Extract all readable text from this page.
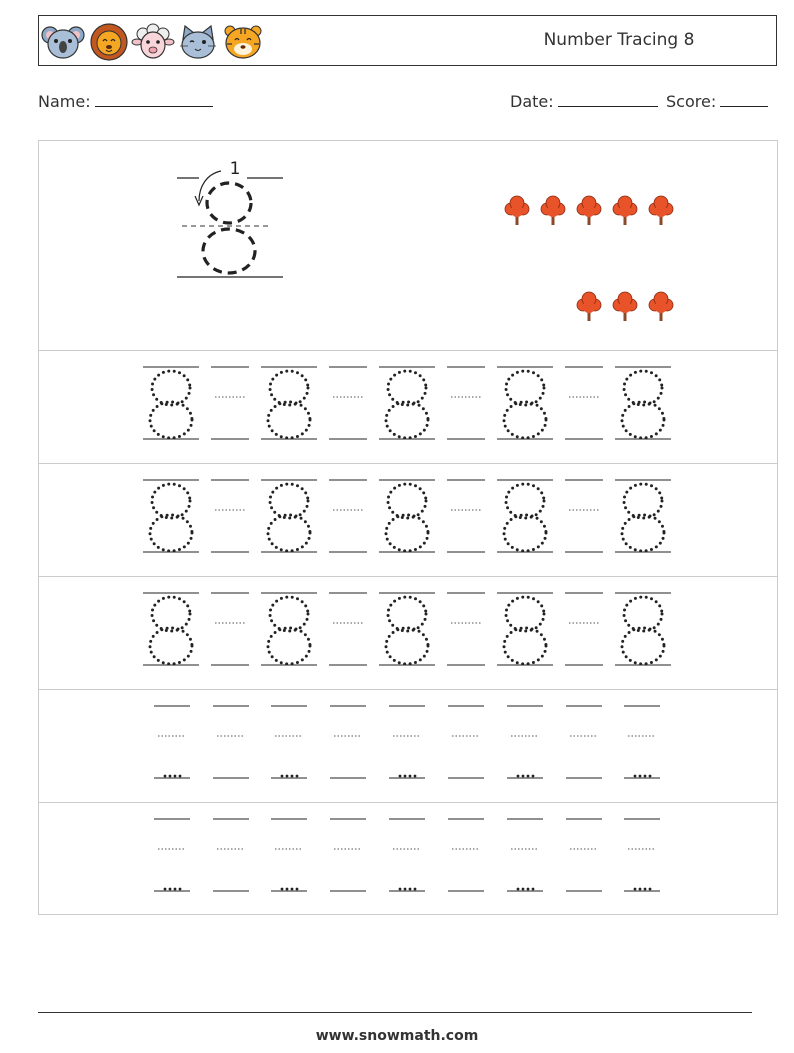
Number Tracing 8
Name:	Date:	Score:
1
www.snowmath.com
